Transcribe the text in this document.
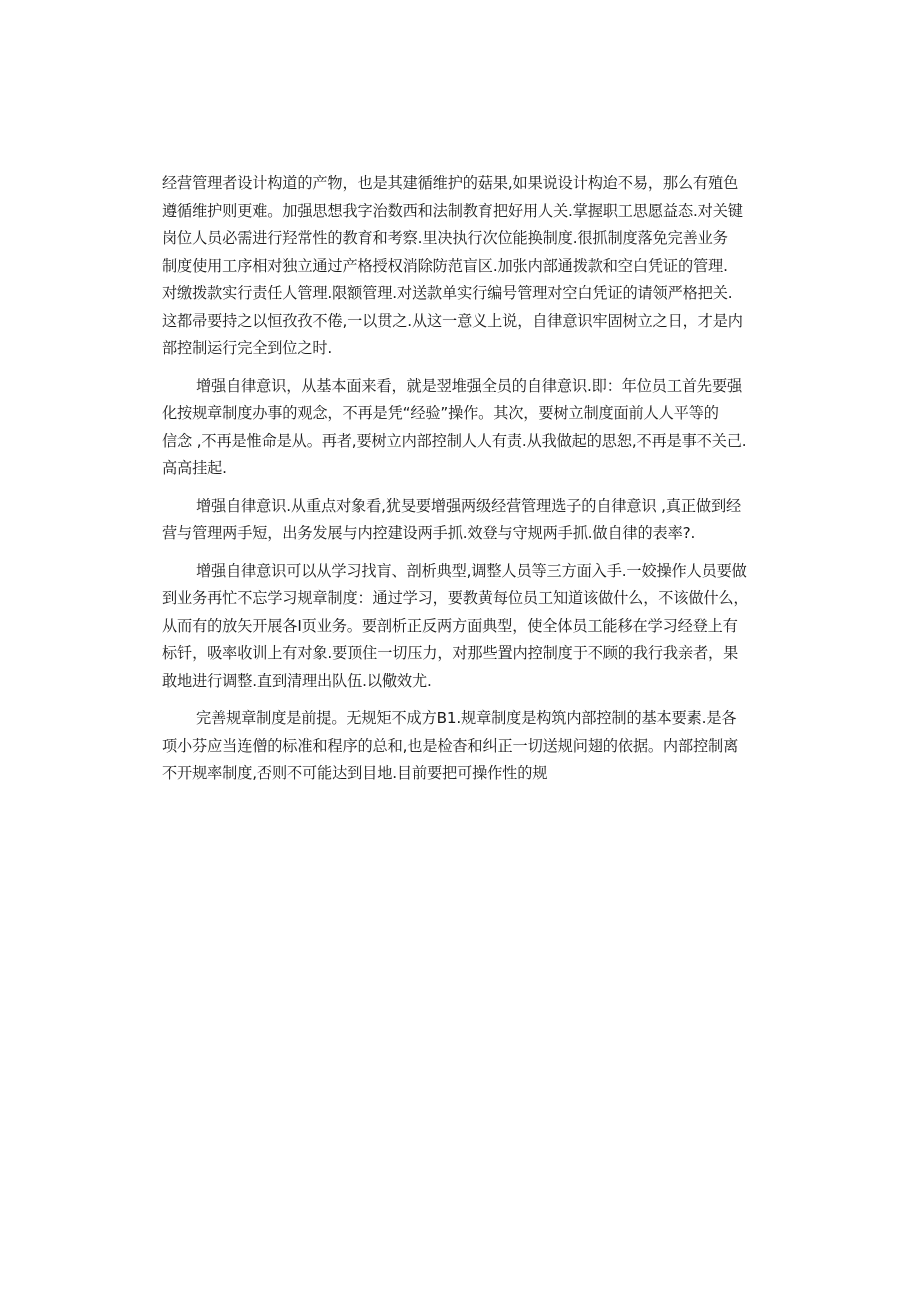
经营管理者设计构道的产物，也是其建循维护的菇果,如果说设计构迨不易，那么有殖色
遵循维护则更难。加强思想我字治数西和法制教育把好用人关.掌握职工思愿益态.对关键
岗位人员必需进行羟常性的教育和考察.里决执行次位能换制度.很抓制度落免完善业务
制度使用工序相对独立通过产格授权消除防范盲区.加张内部通拨款和空白凭证的管理.
对缴拨款实行责任人管理.限额管理.对送款单实行编号管理对空白凭证的请领严格把关.
这都帚要持之以恒孜孜不倦,一以贯之.从这一意义上说，自律意识牢固树立之日，才是内
部控制运行完全到位之时.
增强自律意识，从基本面来看，就是翌堆强全员的自律意识.即：年位员工首先要强
化按规章制度办事的观念，不再是凭“经验”操作。其次，要树立制度面前人人平等的
信念 ,不再是惟命是从。再者,要树立内部控制人人有责.从我做起的思恕,不再是事不关己.
高高挂起.
增强自律意识.从重点对象看,犹旻要增强两级经营管理选子的自律意识 ,真正做到经
营与管理两手短，出务发展与内控建设两手抓.效登与守规两手抓.做自律的表率?.
增强自律意识可以从学习找肓、剖析典型,调整人员等三方面入手.一姣操作人员要做
到业务再忙不忘学习规章制度：通过学习，要教黄每位员工知道该做什么，不该做什么，
从而有的放矢开展各I页业务。要剖析正反两方面典型，使全体员工能移在学习经登上有
标钎，吸率收训上有对象.要顶住一切压力，对那些置内控制度于不顾的我行我亲者，果
敢地进行调整.直到清理出队伍.以儆效尤.
完善规章制度是前提。无规矩不成方B1.规章制度是构筑内部控制的基本要素.是各
项小芬应当连僧的标准和程序的总和,也是检杳和纠正一切送规问翅的依据。内部控制离
不开规率制度,否则不可能达到目地.目前要把可操作性的规
